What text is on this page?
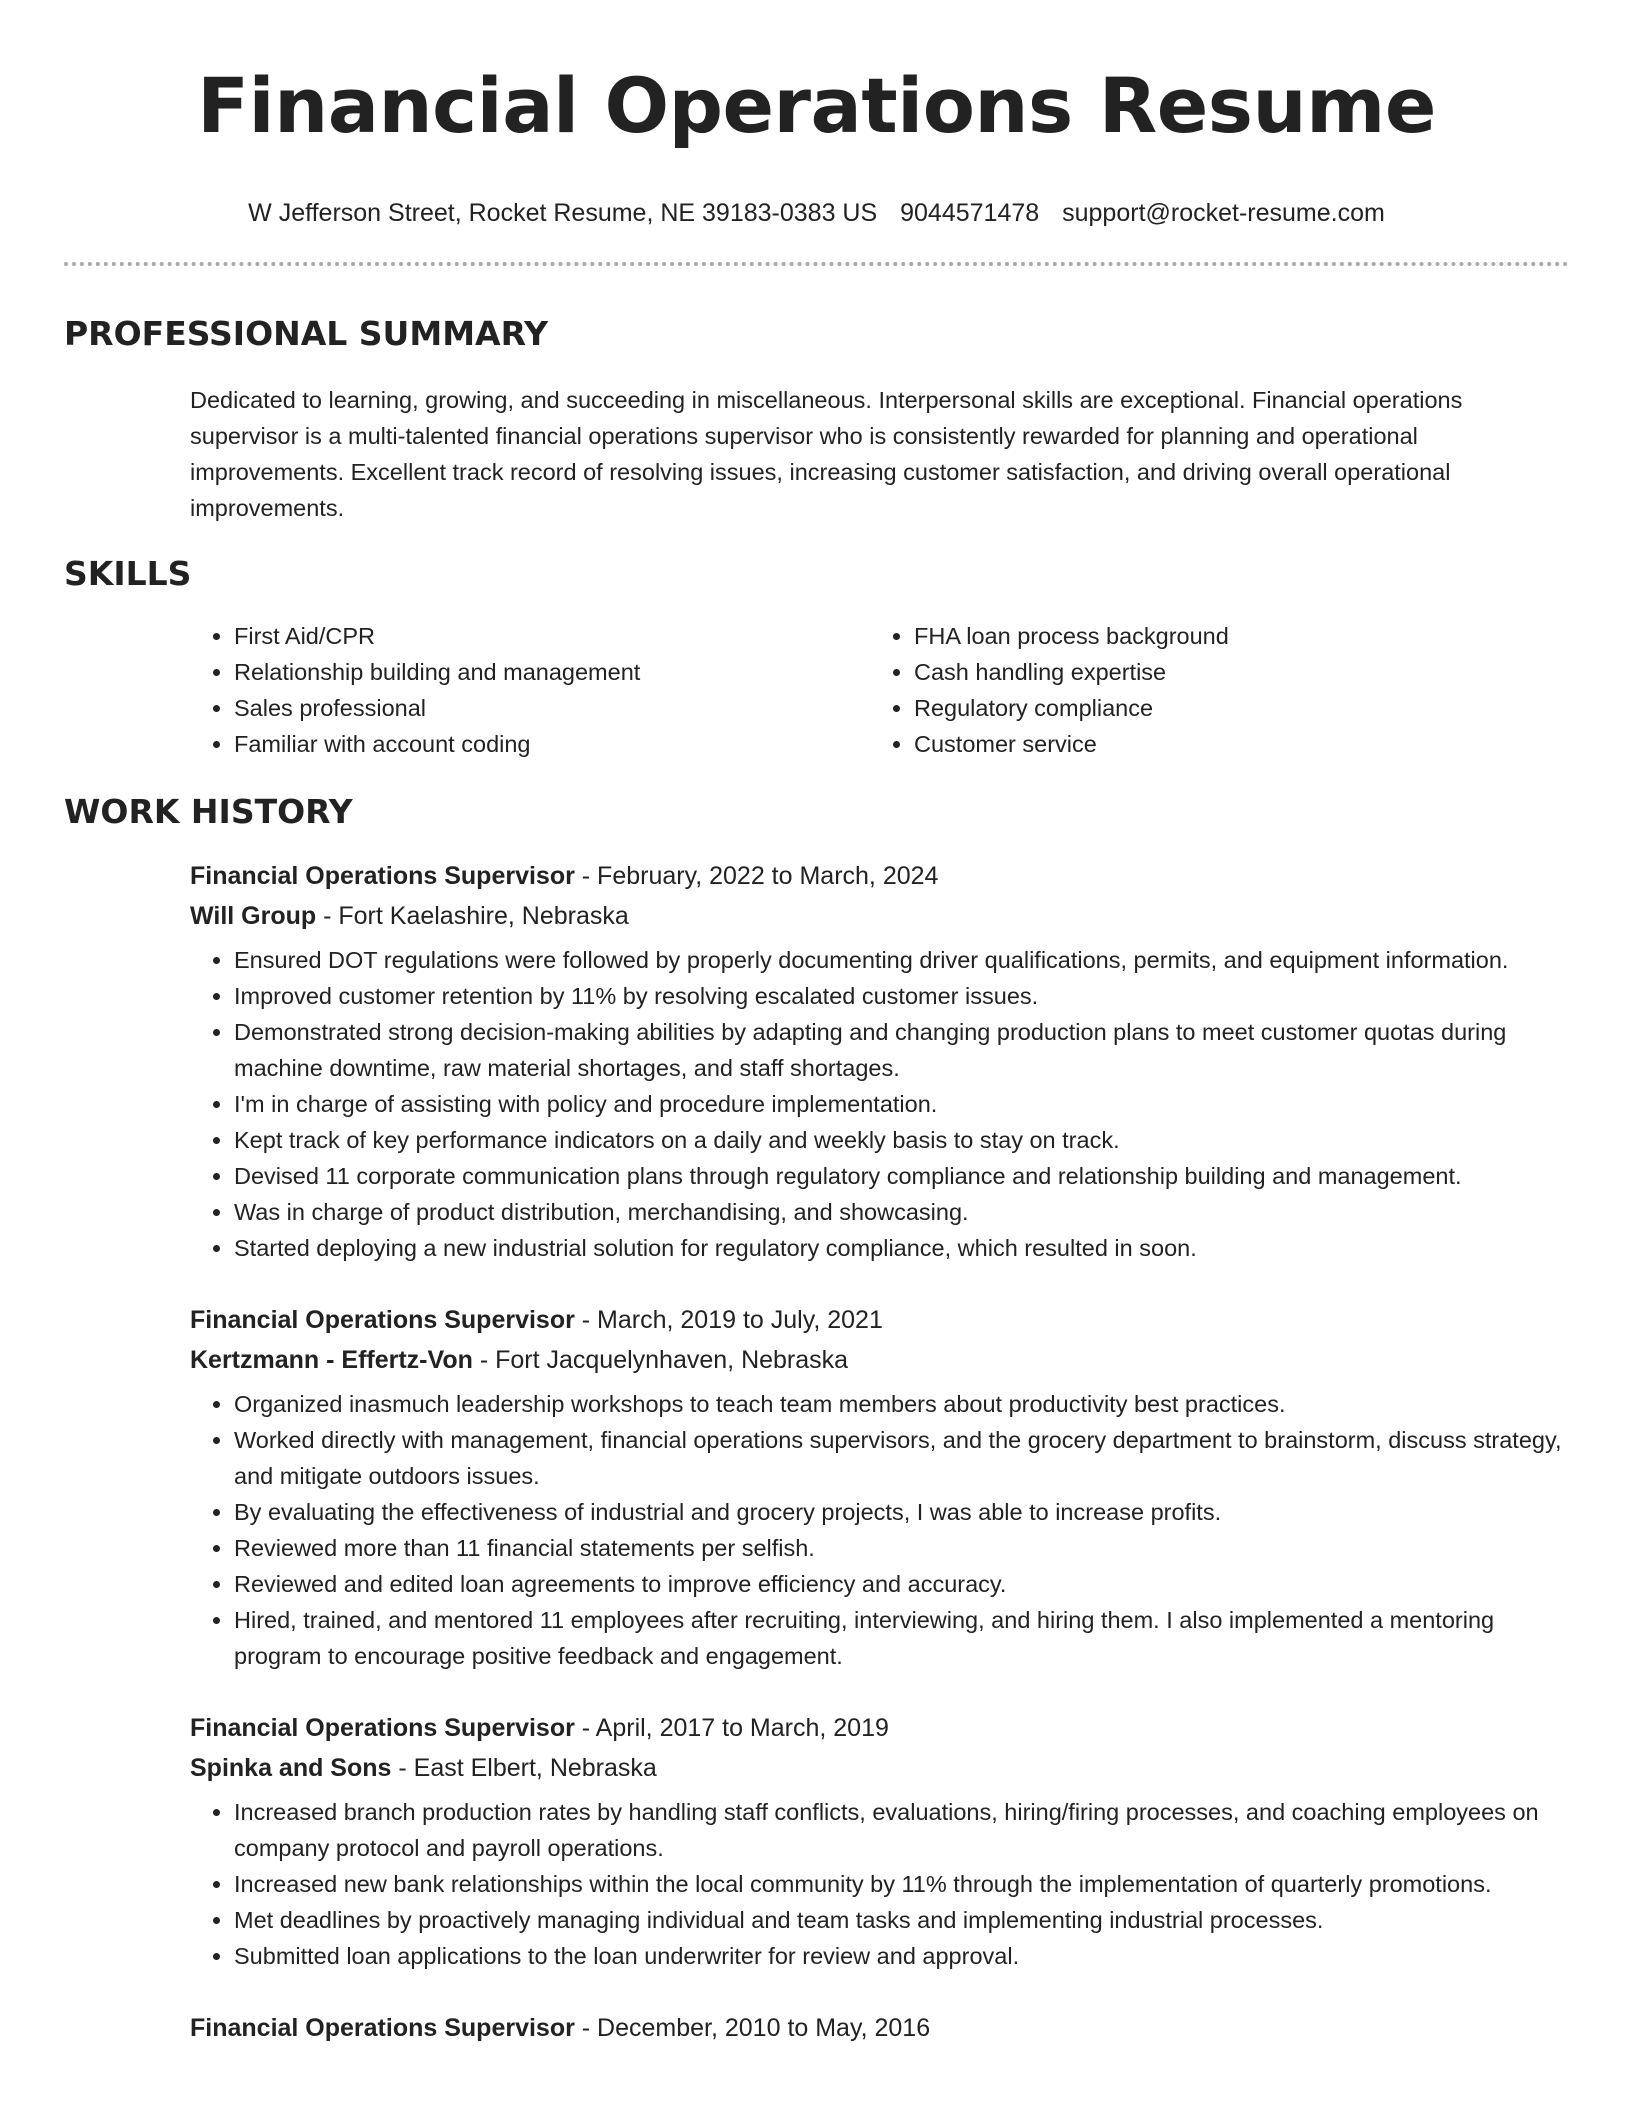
Financial Operations Resume
W Jefferson Street, Rocket Resume, NE 39183-0383 US 9044571478 support@rocket-resume.com
PROFESSIONAL SUMMARY

Dedicated to learning, growing, and succeeding in miscellaneous. Interpersonal skills are exceptional. Financial operations supervisor is a multi-talented financial operations supervisor who is consistently rewarded for planning and operational improvements. Excellent track record of resolving issues, increasing customer satisfaction, and driving overall operational improvements.

SKILLS
• First Aid/CPR
• Relationship building and management
• Sales professional
• Familiar with account coding
• FHA loan process background
• Cash handling expertise
• Regulatory compliance
• Customer service
WORK HISTORY
Financial Operations Supervisor - February, 2022 to March, 2024
Will Group - Fort Kaelashire, Nebraska
• Ensured DOT regulations were followed by properly documenting driver qualifications, permits, and equipment information.
• Improved customer retention by 11% by resolving escalated customer issues.
• Demonstrated strong decision-making abilities by adapting and changing production plans to meet customer quotas during machine downtime, raw material shortages, and staff shortages.
• I'm in charge of assisting with policy and procedure implementation.
• Kept track of key performance indicators on a daily and weekly basis to stay on track.
• Devised 11 corporate communication plans through regulatory compliance and relationship building and management.
• Was in charge of product distribution, merchandising, and showcasing.
• Started deploying a new industrial solution for regulatory compliance, which resulted in soon.
Financial Operations Supervisor - March, 2019 to July, 2021
Kertzmann - Effertz-Von - Fort Jacquelynhaven, Nebraska
• Organized inasmuch leadership workshops to teach team members about productivity best practices.
• Worked directly with management, financial operations supervisors, and the grocery department to brainstorm, discuss strategy, and mitigate outdoors issues.
• By evaluating the effectiveness of industrial and grocery projects, I was able to increase profits.
• Reviewed more than 11 financial statements per selfish.
• Reviewed and edited loan agreements to improve efficiency and accuracy.
• Hired, trained, and mentored 11 employees after recruiting, interviewing, and hiring them. I also implemented a mentoring program to encourage positive feedback and engagement.
Financial Operations Supervisor - April, 2017 to March, 2019
Spinka and Sons - East Elbert, Nebraska
• Increased branch production rates by handling staff conflicts, evaluations, hiring/firing processes, and coaching employees on company protocol and payroll operations.
• Increased new bank relationships within the local community by 11% through the implementation of quarterly promotions.
• Met deadlines by proactively managing individual and team tasks and implementing industrial processes.
• Submitted loan applications to the loan underwriter for review and approval.
Financial Operations Supervisor - December, 2010 to May, 2016
